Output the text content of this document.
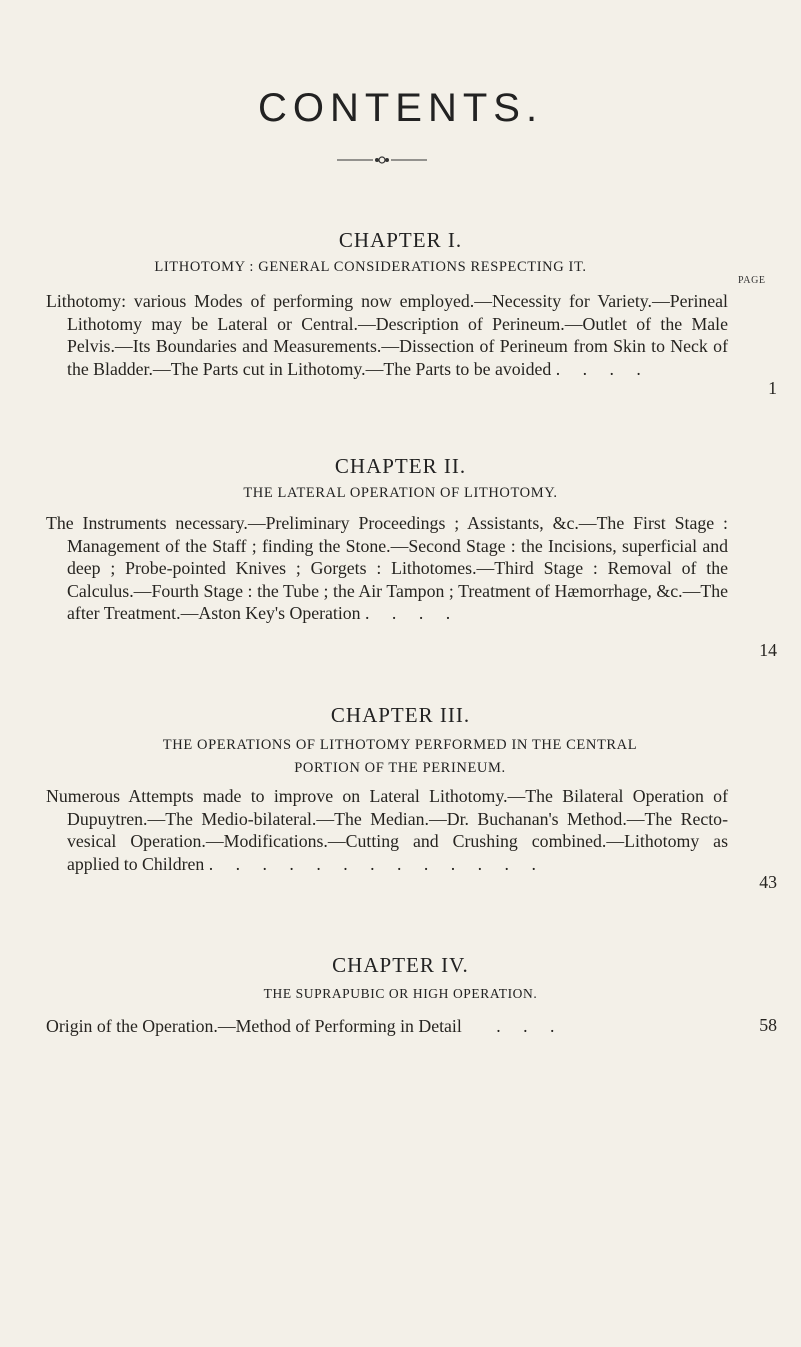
CONTENTS.
CHAPTER I.
LITHOTOMY : GENERAL CONSIDERATIONS RESPECTING IT.
PAGE
Lithotomy: various Modes of performing now employed.—Necessity for Variety.—Perineal Lithotomy may be Lateral or Central.—Description of Perineum.—Outlet of the Male Pelvis.—Its Boundaries and Measurements.—Dissection of Perineum from Skin to Neck of the Bladder.—The Parts cut in Lithotomy.—The Parts to be avoided . . . .
1
CHAPTER II.
THE LATERAL OPERATION OF LITHOTOMY.
The Instruments necessary.—Preliminary Proceedings ; Assistants, &c.—The First Stage : Management of the Staff ; finding the Stone.—Second Stage : the Incisions, superficial and deep ; Probe-pointed Knives ; Gorgets : Lithotomes.—Third Stage : Removal of the Calculus.—Fourth Stage : the Tube ; the Air Tampon ; Treatment of Hæmorrhage, &c.—The after Treatment.—Aston Key's Operation . . . .
14
CHAPTER III.
THE OPERATIONS OF LITHOTOMY PERFORMED IN THE CENTRAL PORTION OF THE PERINEUM.
Numerous Attempts made to improve on Lateral Lithotomy.—The Bilateral Operation of Dupuytren.—The Medio-bilateral.—The Median.—Dr. Buchanan's Method.—The Recto-vesical Operation.—Modifications.—Cutting and Crushing combined.—Lithotomy as applied to Children . . . . . . . . . . . . .
43
CHAPTER IV.
THE SUPRAPUBIC OR HIGH OPERATION.
Origin of the Operation.—Method of Performing in Detail . . .	58
